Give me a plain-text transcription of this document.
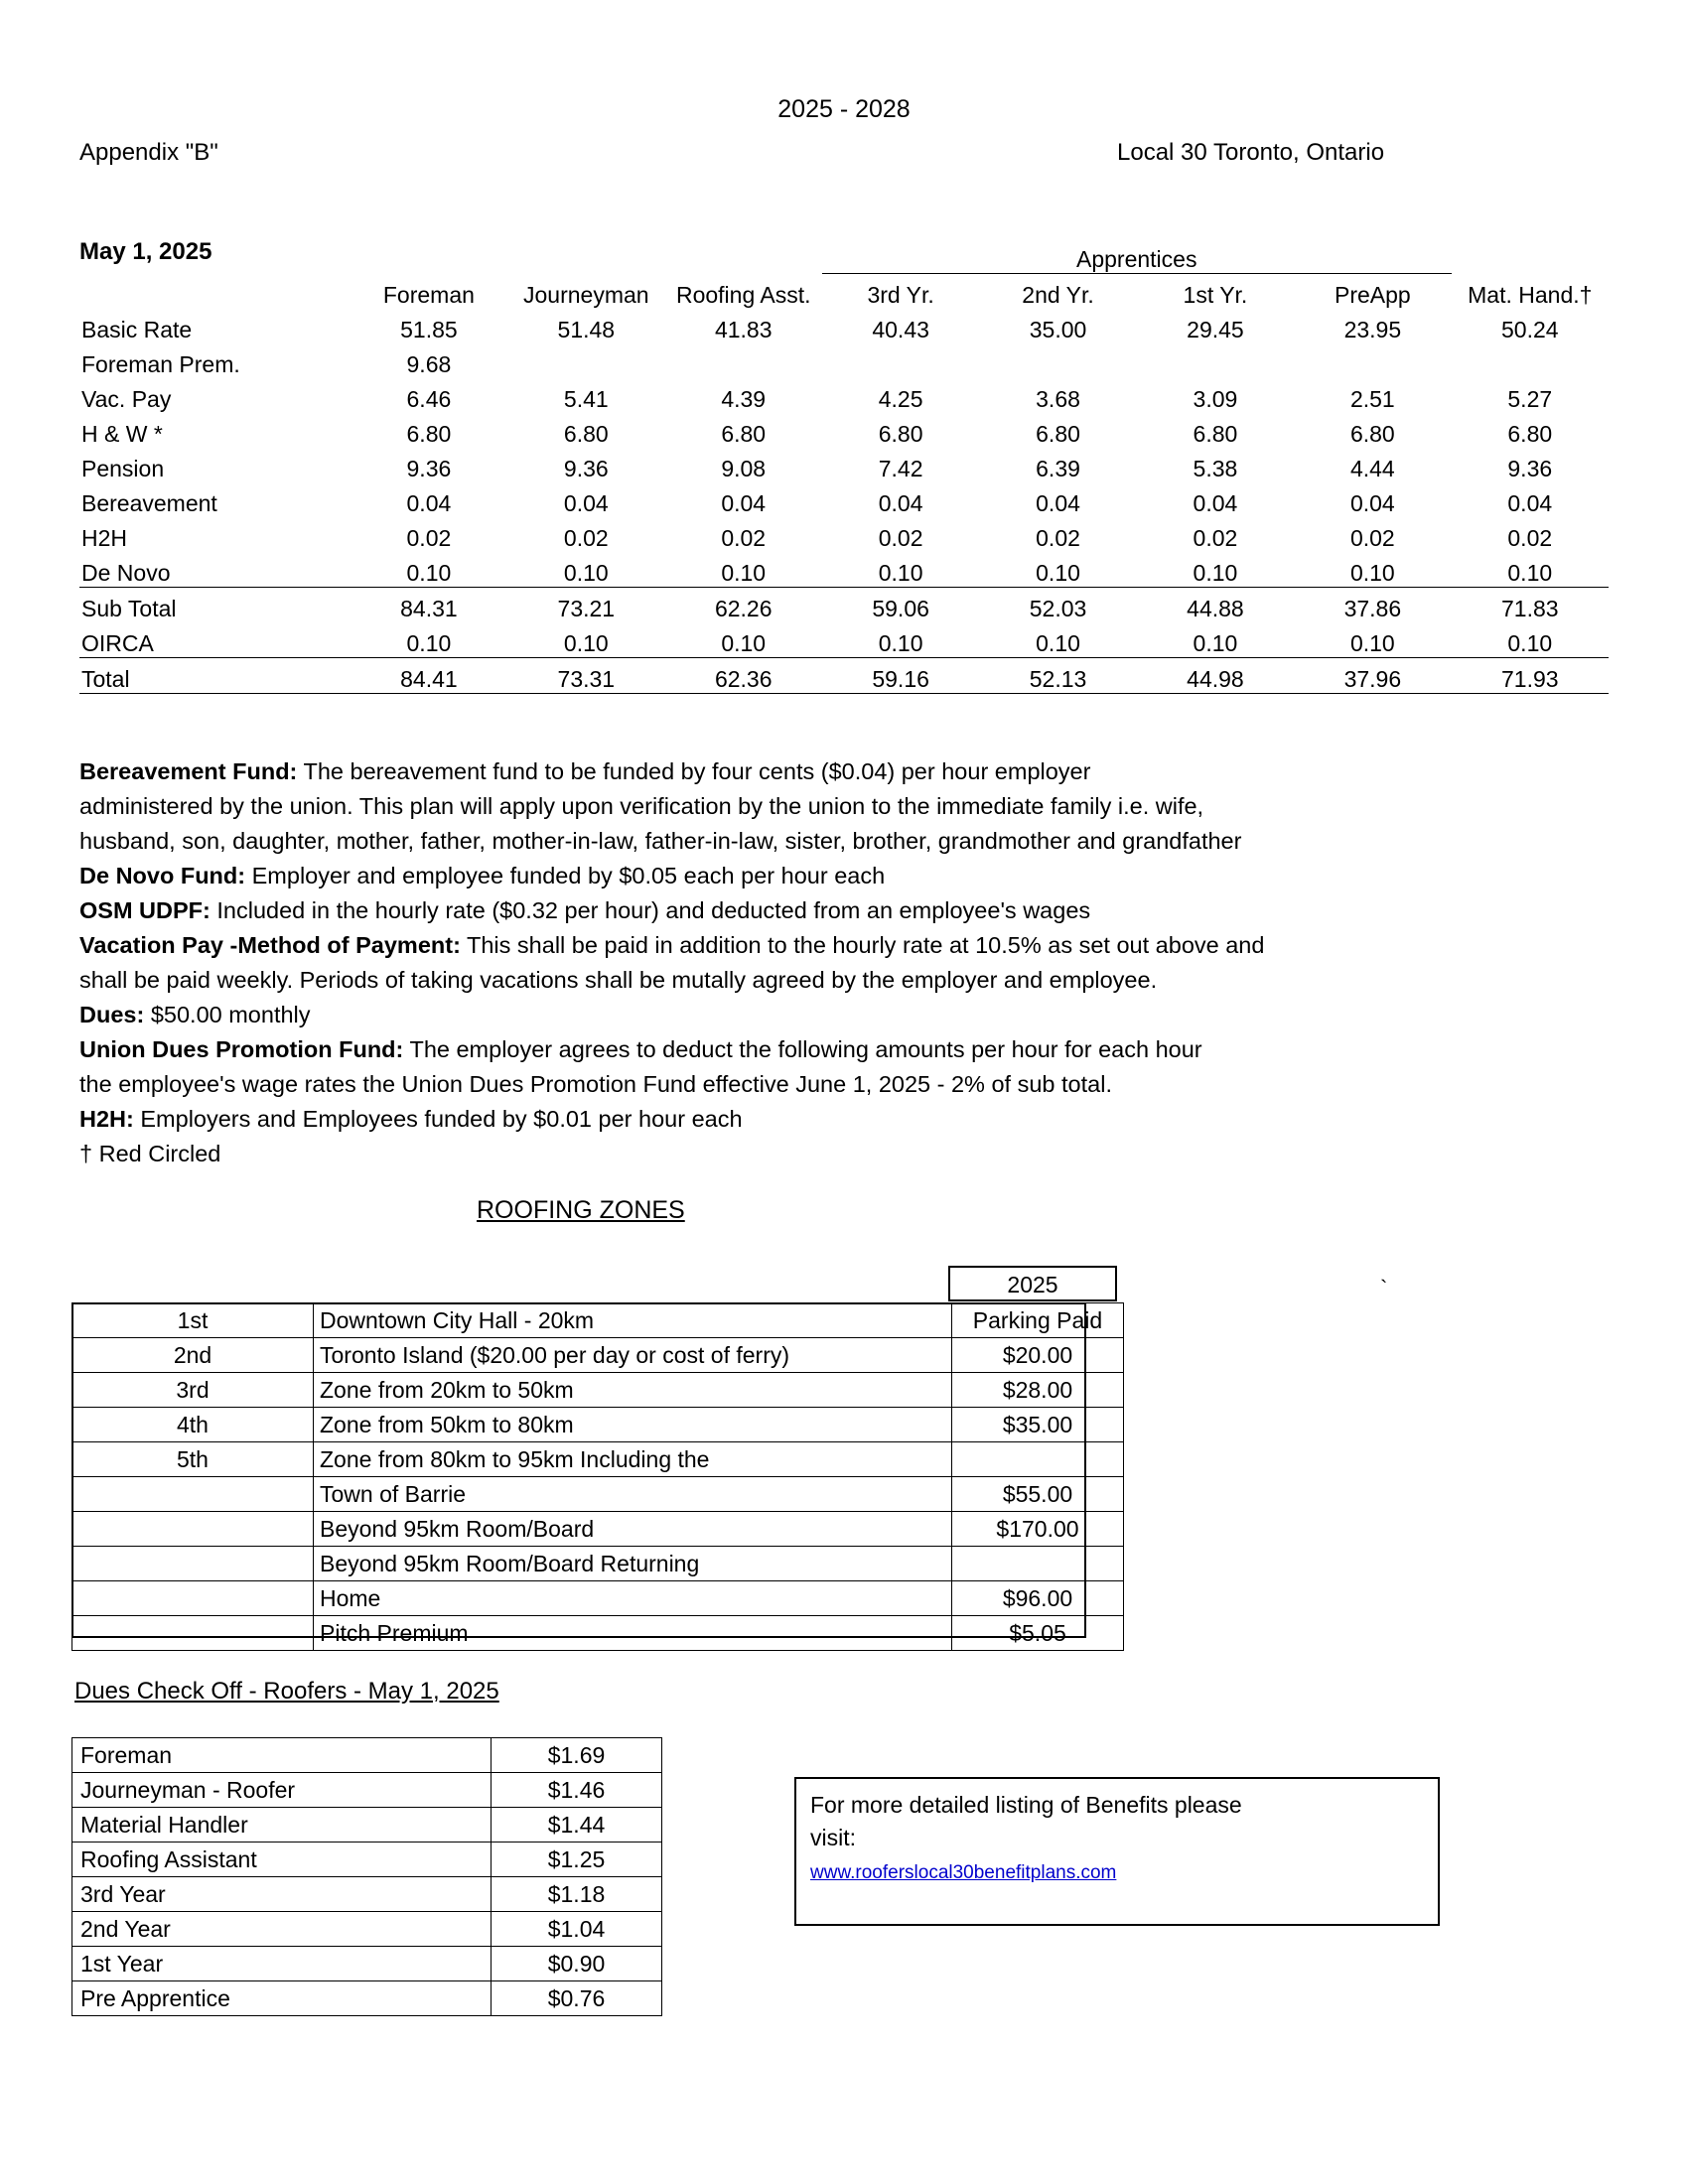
2025 - 2028
Appendix "B"	Local 30 Toronto, Ontario
May 1, 2025
					Apprentices				
	Foreman	Journeyman	Roofing Asst.	3rd Yr.	2nd Yr.	1st Yr.	PreApp	Mat. Hand.†
Basic Rate	51.85	51.48	41.83	40.43	35.00	29.45	23.95	50.24
Foreman Prem.	9.68							
Vac. Pay	6.46	5.41	4.39	4.25	3.68	3.09	2.51	5.27
H & W *	6.80	6.80	6.80	6.80	6.80	6.80	6.80	6.80
Pension	9.36	9.36	9.08	7.42	6.39	5.38	4.44	9.36
Bereavement	0.04	0.04	0.04	0.04	0.04	0.04	0.04	0.04
H2H	0.02	0.02	0.02	0.02	0.02	0.02	0.02	0.02
De Novo	0.10	0.10	0.10	0.10	0.10	0.10	0.10	0.10
Sub Total	84.31	73.21	62.26	59.06	52.03	44.88	37.86	71.83
OIRCA	0.10	0.10	0.10	0.10	0.10	0.10	0.10	0.10
Total	84.41	73.31	62.36	59.16	52.13	44.98	37.96	71.93

Bereavement Fund: The bereavement fund to be funded by four cents ($0.04) per hour employer

administered by the union. This plan will apply upon verification by the union to the immediate family i.e. wife,

husband, son, daughter, mother, father, mother-in-law, father-in-law, sister, brother, grandmother and grandfather

De Novo Fund: Employer and employee funded by $0.05 each per hour each

OSM UDPF: Included in the hourly rate ($0.32 per hour) and deducted from an employee's wages

Vacation Pay -Method of Payment: This shall be paid in addition to the hourly rate at 10.5% as set out above and

shall be paid weekly. Periods of taking vacations shall be mutally agreed by the employer and employee.

Dues: $50.00 monthly

Union Dues Promotion Fund: The employer agrees to deduct the following amounts per hour for each hour

the employee's wage rates the Union Dues Promotion Fund effective June 1, 2025 - 2% of sub total.

H2H: Employers and Employees funded by $0.01 per hour each

† Red Circled

ROOFING ZONES
2025	`
1st	Downtown City Hall - 20km	Parking Paid
2nd	Toronto Island ($20.00 per day or cost of ferry)	$20.00
3rd	Zone from 20km to 50km	$28.00
4th	Zone from 50km to 80km	$35.00
5th	Zone from 80km to 95km Including the	
	Town of Barrie	$55.00
	Beyond 95km Room/Board	$170.00
	Beyond 95km Room/Board Returning	
	Home	$96.00
	Pitch Premium	$5.05
Dues Check Off - Roofers - May 1, 2025
Foreman	$1.69
Journeyman - Roofer	$1.46
Material Handler	$1.44
Roofing Assistant	$1.25
3rd Year	$1.18
2nd Year	$1.04
1st Year	$0.90
Pre Apprentice	$0.76
For more detailed listing of Benefits please
visit:
www.rooferslocal30benefitplans.com
